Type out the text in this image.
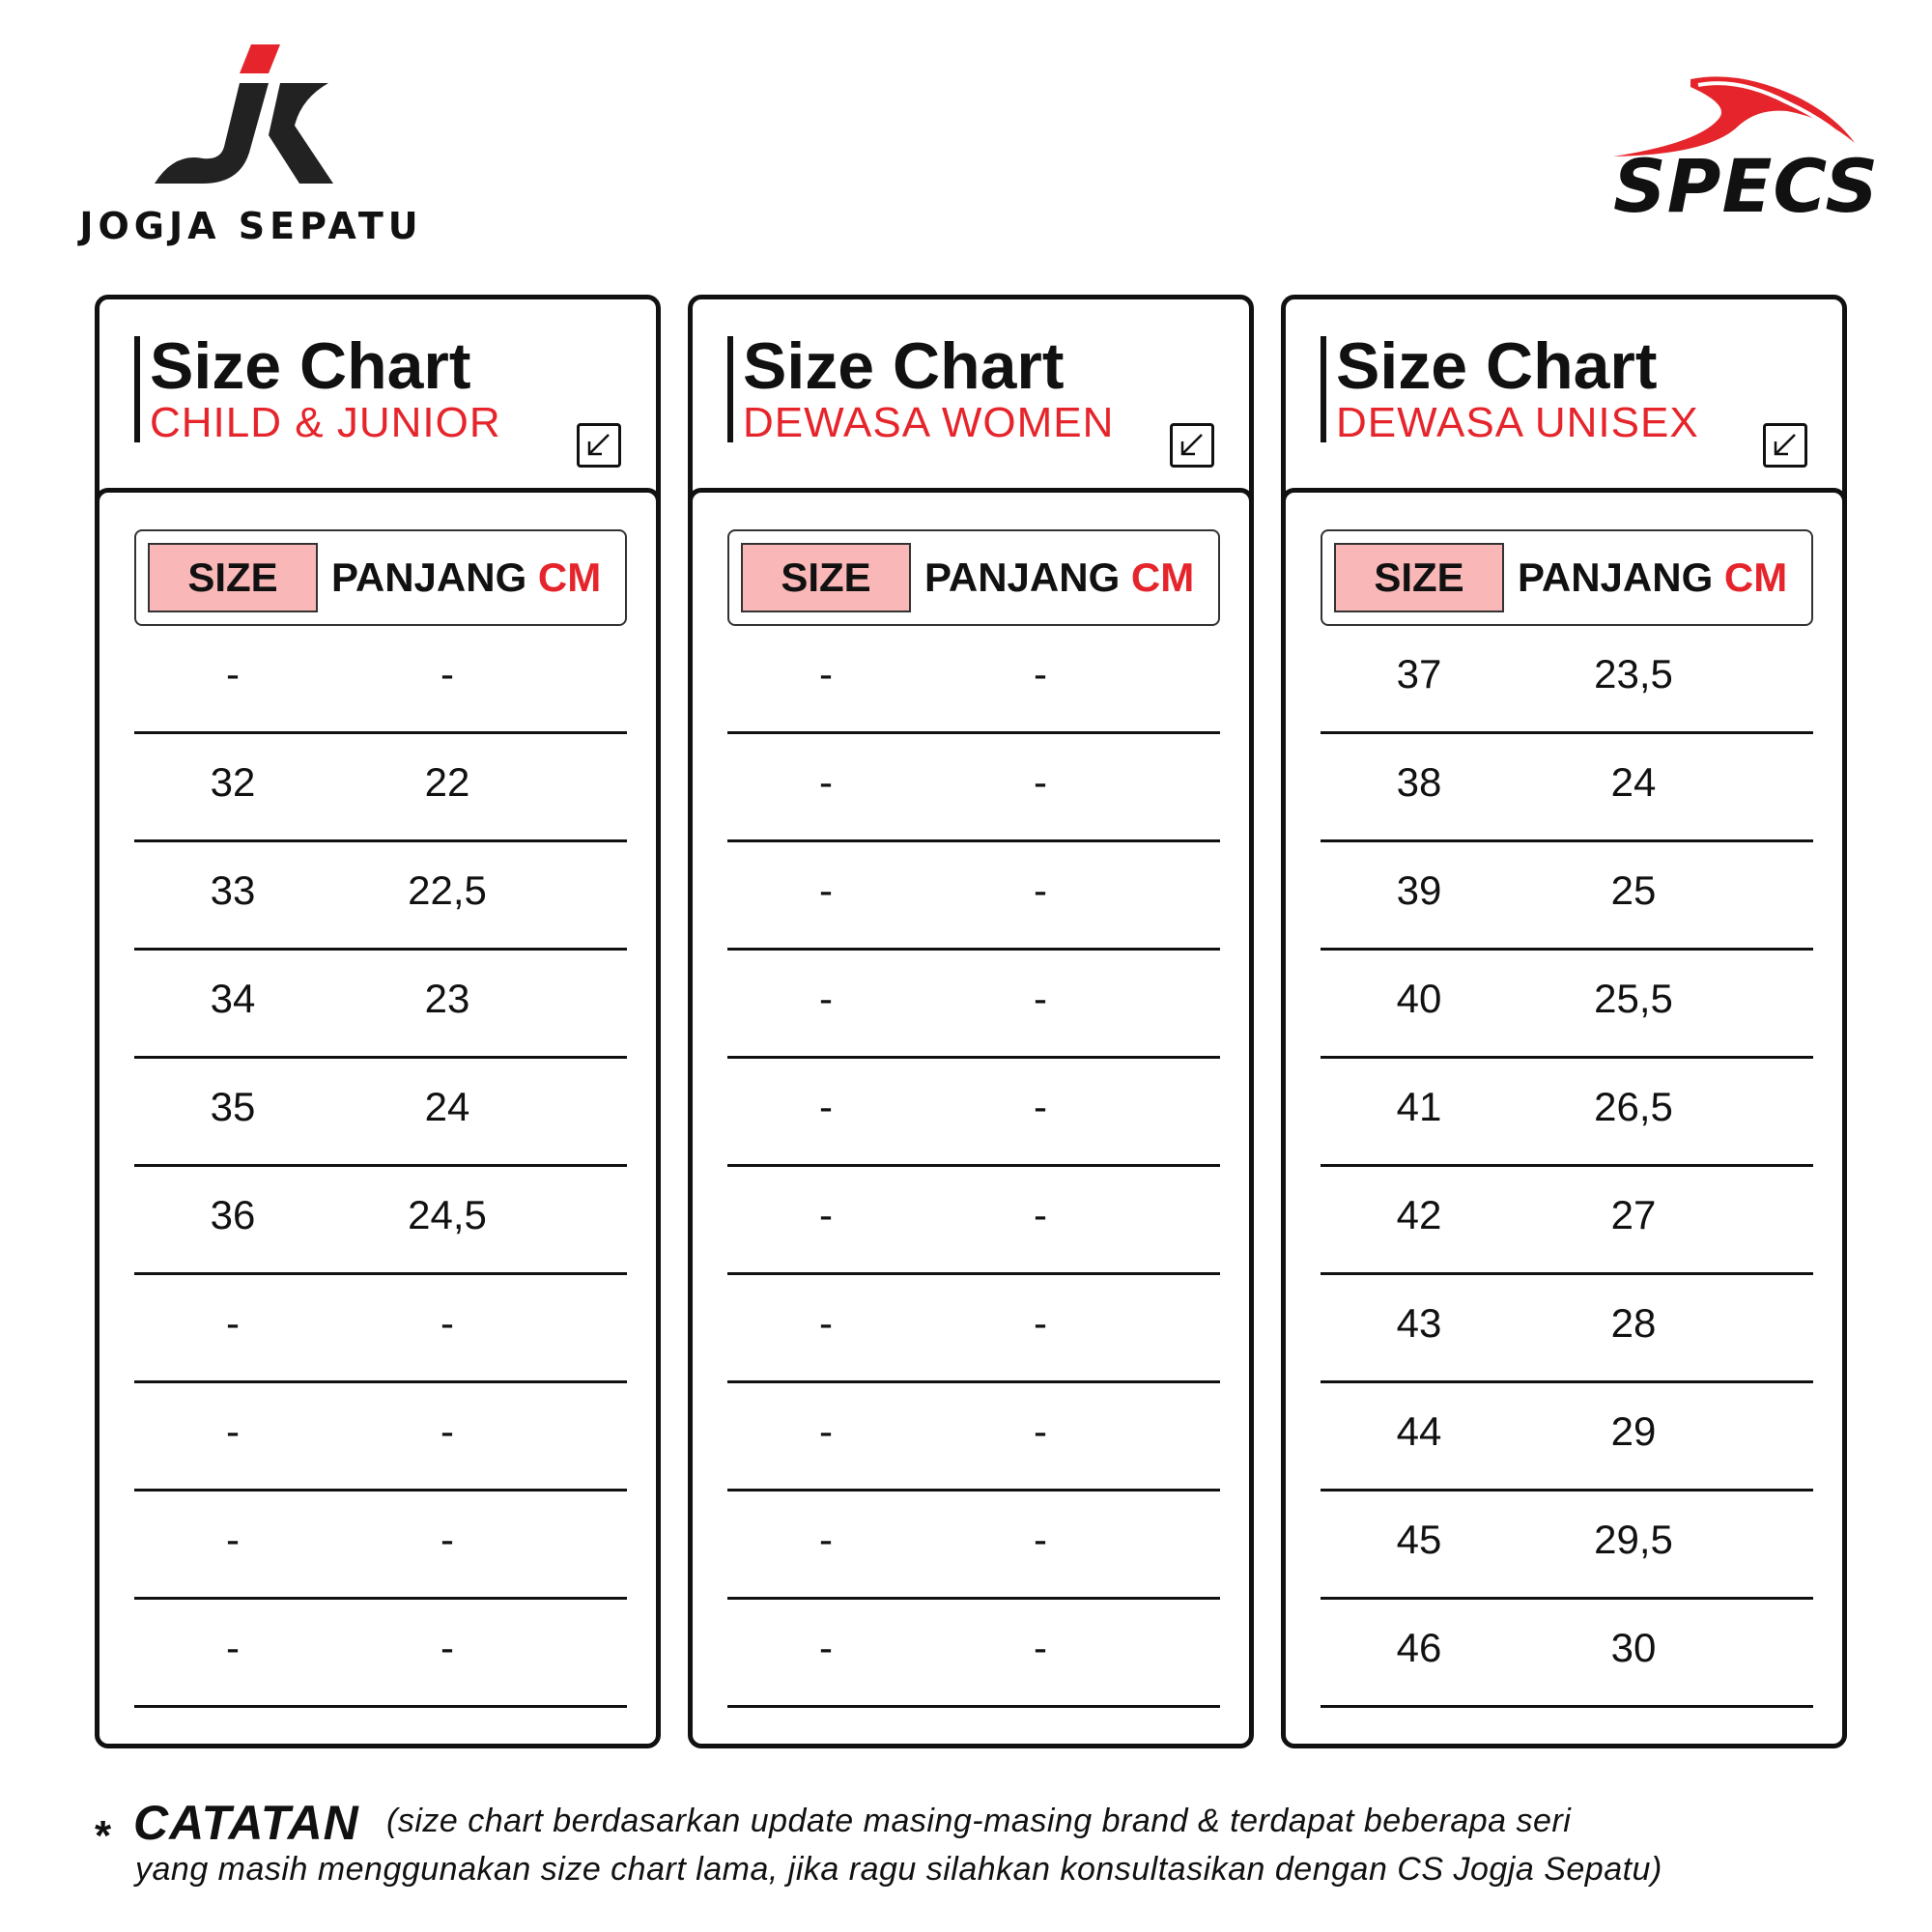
JOGJA SEPATU	SPECS
Size Chart
CHILD & JUNIOR
SIZE	PANJANG CM
-	-
32	22
33	22,5
34	23
35	24
36	24,5
-	-
-	-
-	-
-	-
Size Chart
DEWASA WOMEN
SIZE	PANJANG CM
-	-
-	-
-	-
-	-
-	-
-	-
-	-
-	-
-	-
-	-
Size Chart
DEWASA UNISEX
SIZE	PANJANG CM
37	23,5
38	24
39	25
40	25,5
41	26,5
42	27
43	28
44	29
45	29,5
46	30
* CATATAN (size chart berdasarkan update masing-masing brand & terdapat beberapa seri
yang masih menggunakan size chart lama, jika ragu silahkan konsultasikan dengan CS Jogja Sepatu)
